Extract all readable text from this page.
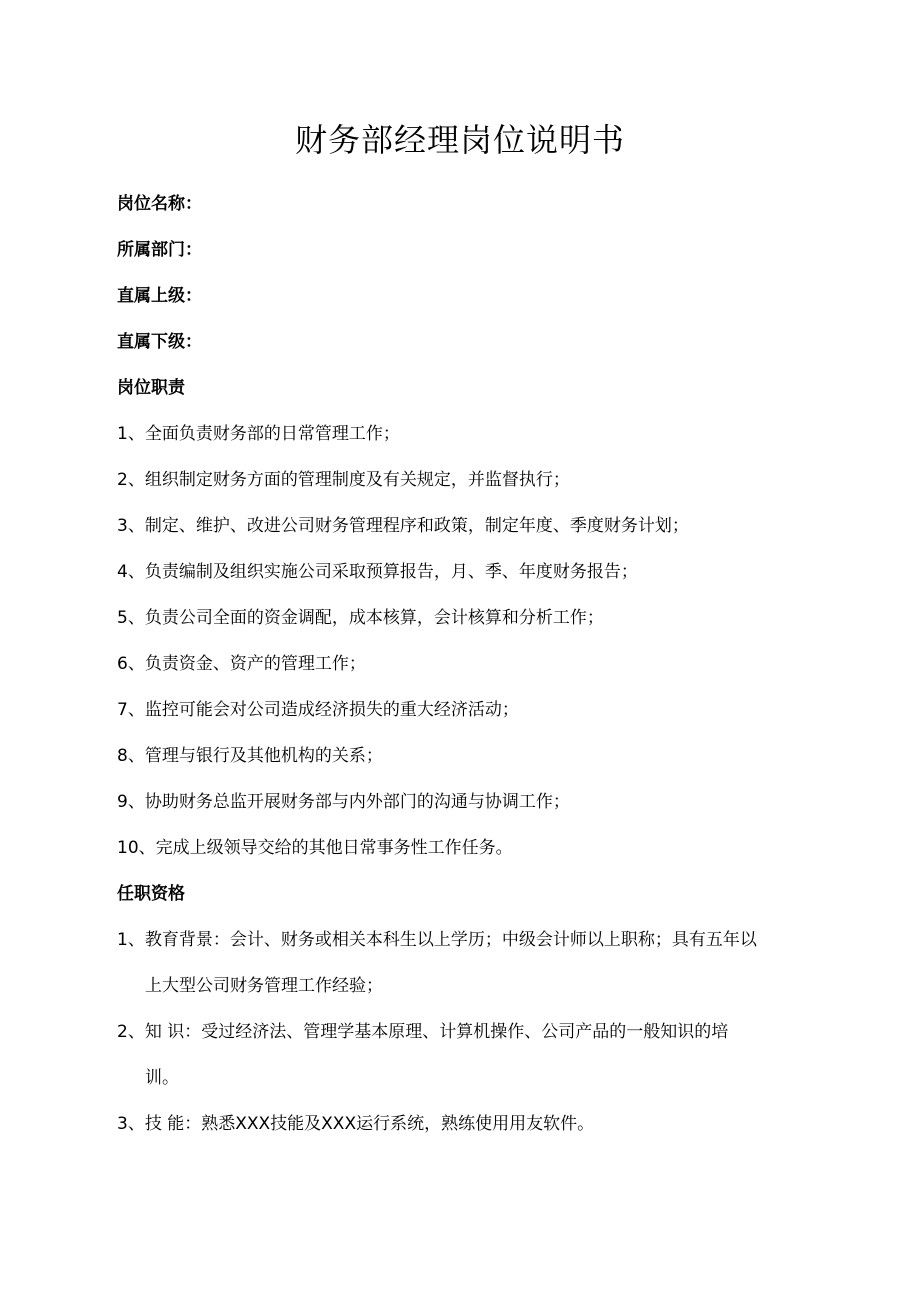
财务部经理岗位说明书

岗位名称：

所属部门：

直属上级：

直属下级：

岗位职责

1、全面负责财务部的日常管理工作；

2、组织制定财务方面的管理制度及有关规定，并监督执行；

3、制定、维护、改进公司财务管理程序和政策，制定年度、季度财务计划；

4、负责编制及组织实施公司采取预算报告，月、季、年度财务报告；

5、负责公司全面的资金调配，成本核算，会计核算和分析工作；

6、负责资金、资产的管理工作；

7、监控可能会对公司造成经济损失的重大经济活动；

8、管理与银行及其他机构的关系；

9、协助财务总监开展财务部与内外部门的沟通与协调工作；

10、完成上级领导交给的其他日常事务性工作任务。

任职资格

1、教育背景：会计、财务或相关本科生以上学历；中级会计师以上职称；具有五年以

上大型公司财务管理工作经验；

2、知 识：受过经济法、管理学基本原理、计算机操作、公司产品的一般知识的培

训。

3、技 能：熟悉XXX技能及XXX运行系统，熟练使用用友软件。
